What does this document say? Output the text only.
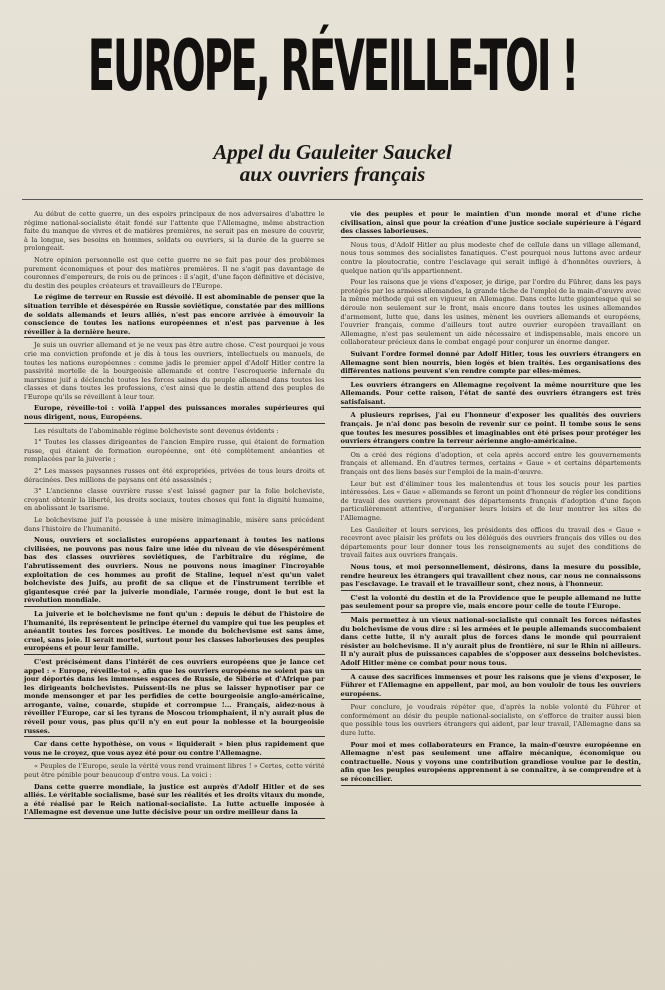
EUROPE, RÉVEILLE-TOI !
Appel du Gauleiter Sauckel
aux ouvriers français

Au début de cette guerre, un des espoirs principaux de nos adversaires d'abattre le régime national-socialiste était fondé sur l'attente que l'Allemagne, même abstraction faite du manque de vivres et de matières premières, ne serait pas en mesure de couvrir, à la longue, ses besoins en hommes, soldats ou ouvriers, si la durée de la guerre se prolongeait.

Notre opinion personnelle est que cette guerre ne se fait pas pour des problèmes purement économiques et pour des matières premières. Il ne s'agit pas davantage de couronnes d'empereurs, de rois ou de princes : il s'agit, d'une façon définitive et décisive, du destin des peuples créateurs et travailleurs de l'Europe.

Le régime de terreur en Russie est dévoilé. Il est abominable de penser que la situation terrible et désespérée en Russie soviétique, constatée par des millions de soldats allemands et leurs alliés, n'est pas encore arrivée à émouvoir la conscience de toutes les nations européennes et n'est pas parvenue à les réveiller à la dernière heure.

Je suis un ouvrier allemand et je ne veux pas être autre chose. C'est pourquoi je vous crie ma conviction profonde et je dis à tous les ouvriers, intellectuels ou manuels, de toutes les nations européennes : comme jadis le premier appel d'Adolf Hitler contre la passivité mortelle de la bourgeoisie allemande et contre l'escroquerie infernale du marxisme juif a déclenché toutes les forces saines du peuple allemand dans toutes les classes et dans toutes les professions, c'est ainsi que le destin attend des peuples de l'Europe qu'ils se réveillent à leur tour.

Europe, réveille-toi : voilà l'appel des puissances morales supérieures qui nous dirigent, nous, Européens.

Les résultats de l'abominable régime bolcheviste sont devenus évidents :

1° Toutes les classes dirigeantes de l'ancien Empire russe, qui étaient de formation russe, qui étaient de formation européenne, ont été complètement anéanties et remplacées par la juiverie ;

2° Les masses paysannes russes ont été expropriées, privées de tous leurs droits et déracinées. Des millions de paysans ont été assassinés ;

3° L'ancienne classe ouvrière russe s'est laissé gagner par la folie bolcheviste, croyant obtenir la liberté, les droits sociaux, toutes choses qui font la dignité humaine, en abolissant le tsarisme.

Le bolchevisme juif l'a poussée à une misère inimaginable, misère sans précédent dans l'histoire de l'humanité.

Nous, ouvriers et socialistes européens appartenant à toutes les nations civilisées, ne pouvons pas nous faire une idée du niveau de vie désespérément bas des classes ouvrières soviétiques, de l'arbitraire du régime, de l'abrutissement des ouvriers. Nous ne pouvons nous imaginer l'incroyable exploitation de ces hommes au profit de Staline, lequel n'est qu'un valet bolcheviste des Juifs, au profit de sa clique et de l'instrument terrible et gigantesque créé par la juiverie mondiale, l'armée rouge, dont le but est la révolution mondiale.

La juiverie et le bolchevisme ne font qu'un : depuis le début de l'histoire de l'humanité, ils représentent le principe éternel du vampire qui tue les peuples et anéantit toutes les forces positives. Le monde du bolchevisme est sans âme, cruel, sans joie. Il serait mortel, surtout pour les classes laborieuses des peuples européens et pour leur famille.

C'est précisément dans l'intérêt de ces ouvriers européens que je lance cet appel : « Europe, réveille-toi », afin que les ouvriers européens ne soient pas un jour déportés dans les immenses espaces de Russie, de Sibérie et d'Afrique par les dirigeants bolchevistes. Puissent-ils ne plus se laisser hypnotiser par ce monde mensonger et par les perfidies de cette bourgeoisie anglo-américaine, arrogante, vaine, couarde, stupide et corrompue !... Français, aidez-nous à réveiller l'Europe, car si les tyrans de Moscou triomphaient, il n'y aurait plus de réveil pour vous, pas plus qu'il n'y en eut pour la noblesse et la bourgeoisie russes.

Car dans cette hypothèse, on vous « liquiderait » bien plus rapidement que vous ne le croyez, que vous ayez été pour ou contre l'Allemagne.

« Peuples de l'Europe, seule la vérité vous rend vraiment libres ! » Certes, cette vérité peut être pénible pour beaucoup d'entre vous. La voici :

Dans cette guerre mondiale, la justice est auprès d'Adolf Hitler et de ses alliés. Le véritable socialisme, basé sur les réalités et les droits vitaux du monde, a été réalisé par le Reich national-socialiste. La lutte actuelle imposée à l'Allemagne est devenue une lutte décisive pour un ordre meilleur dans la

vie des peuples et pour le maintien d'un monde moral et d'une riche civilisation, ainsi que pour la création d'une justice sociale supérieure à l'égard des classes laborieuses.

Nous tous, d'Adolf Hitler au plus modeste chef de cellule dans un village allemand, nous tous sommes des socialistes fanatiques. C'est pourquoi nous luttons avec ardeur contre la ploutocratie, contre l'esclavage qui serait infligé à d'honnêtes ouvriers, à quelque nation qu'ils appartiennent.

Pour les raisons que je viens d'exposer, je dirige, par l'ordre du Führer, dans les pays protégés par les armées allemandes, la grande tâche de l'emploi de la main-d'œuvre avec la même méthode qui est en vigueur en Allemagne. Dans cette lutte gigantesque qui se déroule non seulement sur le front, mais encore dans toutes les usines allemandes d'armement, lutte que, dans les usines, mènent les ouvriers allemands et européens, l'ouvrier français, comme d'ailleurs tout autre ouvrier européen travaillant en Allemagne, n'est pas seulement un aide nécessaire et indispensable, mais encore un collaborateur précieux dans le combat engagé pour conjurer un énorme danger.

Suivant l'ordre formel donné par Adolf Hitler, tous les ouvriers étrangers en Allemagne sont bien nourris, bien logés et bien traités. Les organisations des différentes nations peuvent s'en rendre compte par elles-mêmes.

Les ouvriers étrangers en Allemagne reçoivent la même nourriture que les Allemands. Pour cette raison, l'état de santé des ouvriers étrangers est très satisfaisant.

A plusieurs reprises, j'ai eu l'honneur d'exposer les qualités des ouvriers français. Je n'ai donc pas besoin de revenir sur ce point. Il tombe sous le sens que toutes les mesures possibles et imaginables ont été prises pour protéger les ouvriers étrangers contre la terreur aérienne anglo-américaine.

On a créé des régions d'adoption, et cela après accord entre les gouvernements français et allemand. En d'autres termes, certains « Gaue » et certains départements français ont des liens basés sur l'emploi de la main-d'œuvre.

Leur but est d'éliminer tous les malentendus et tous les soucis pour les parties intéressées. Les « Gaue » allemands se feront un point d'honneur de régler les conditions de travail des ouvriers provenant des départements français d'adoption d'une façon particulièrement attentive, d'organiser leurs loisirs et de leur montrer les sites de l'Allemagne.

Les Gauleiter et leurs services, les présidents des offices du travail des « Gaue » recevront avec plaisir les préfets ou les délégués des ouvriers français des villes ou des départements pour leur donner tous les renseignements au sujet des conditions de travail faites aux ouvriers français.

Nous tous, et moi personnellement, désirons, dans la mesure du possible, rendre heureux les étrangers qui travaillent chez nous, car nous ne connaissons pas l'esclavage. Le travail et le travailleur sont, chez nous, à l'honneur.

C'est la volonté du destin et de la Providence que le peuple allemand ne lutte pas seulement pour sa propre vie, mais encore pour celle de toute l'Europe.

Mais permettez à un vieux national-socialiste qui connaît les forces néfastes du bolchevisme de vous dire : si les armées et le peuple allemands succombaient dans cette lutte, il n'y aurait plus de forces dans le monde qui pourraient résister au bolchevisme. Il n'y aurait plus de frontière, ni sur le Rhin ni ailleurs. Il n'y aurait plus de puissances capables de s'opposer aux desseins bolchevistes. Adolf Hitler mène ce combat pour nous tous.

A cause des sacrifices immenses et pour les raisons que je viens d'exposer, le Führer et l'Allemagne en appellent, par moi, au bon vouloir de tous les ouvriers européens.

Pour conclure, je voudrais répéter que, d'après la noble volonté du Führer et conformément au désir du peuple national-socialiste, on s'efforce de traiter aussi bien que possible tous les ouvriers étrangers qui aident, par leur travail, l'Allemagne dans sa dure lutte.

Pour moi et mes collaborateurs en France, la main-d'œuvre européenne en Allemagne n'est pas seulement une affaire mécanique, économique ou contractuelle. Nous y voyons une contribution grandiose voulue par le destin, afin que les peuples européens apprennent à se connaître, à se comprendre et à se réconcilier.
